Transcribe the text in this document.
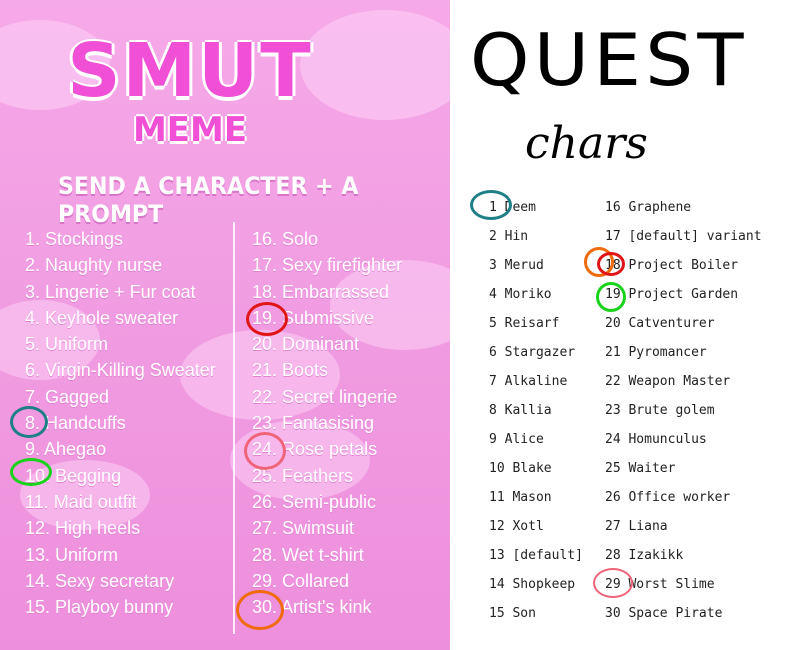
SMUT
MEME
SEND A CHARACTER + A PROMPT
1. Stockings
2. Naughty nurse
3. Lingerie + Fur coat
4. Keyhole sweater
5. Uniform
6. Virgin-Killing Sweater
7. Gagged
8. Handcuffs
9. Ahegao
10. Begging
11. Maid outfit
12. High heels
13. Uniform
14. Sexy secretary
15. Playboy bunny
16. Solo
17. Sexy firefighter
18. Embarrassed
19. Submissive
20. Dominant
21. Boots
22. Secret lingerie
23. Fantasising
24. Rose petals
25. Feathers
26. Semi-public
27. Swimsuit
28. Wet t-shirt
29. Collared
30. Artist's kink
QUEST
chars
1 Deem
2 Hin
3 Merud
4 Moriko
5 Reisarf
6 Stargazer
7 Alkaline
8 Kallia
9 Alice
10 Blake
11 Mason
12 Xotl
13 [default]
14 Shopkeep
15 Son
16 Graphene
17 [default] variant
18 Project Boiler
19 Project Garden
20 Catventurer
21 Pyromancer
22 Weapon Master
23 Brute golem
24 Homunculus
25 Waiter
26 Office worker
27 Liana
28 Izakikk
29 Worst Slime
30 Space Pirate
